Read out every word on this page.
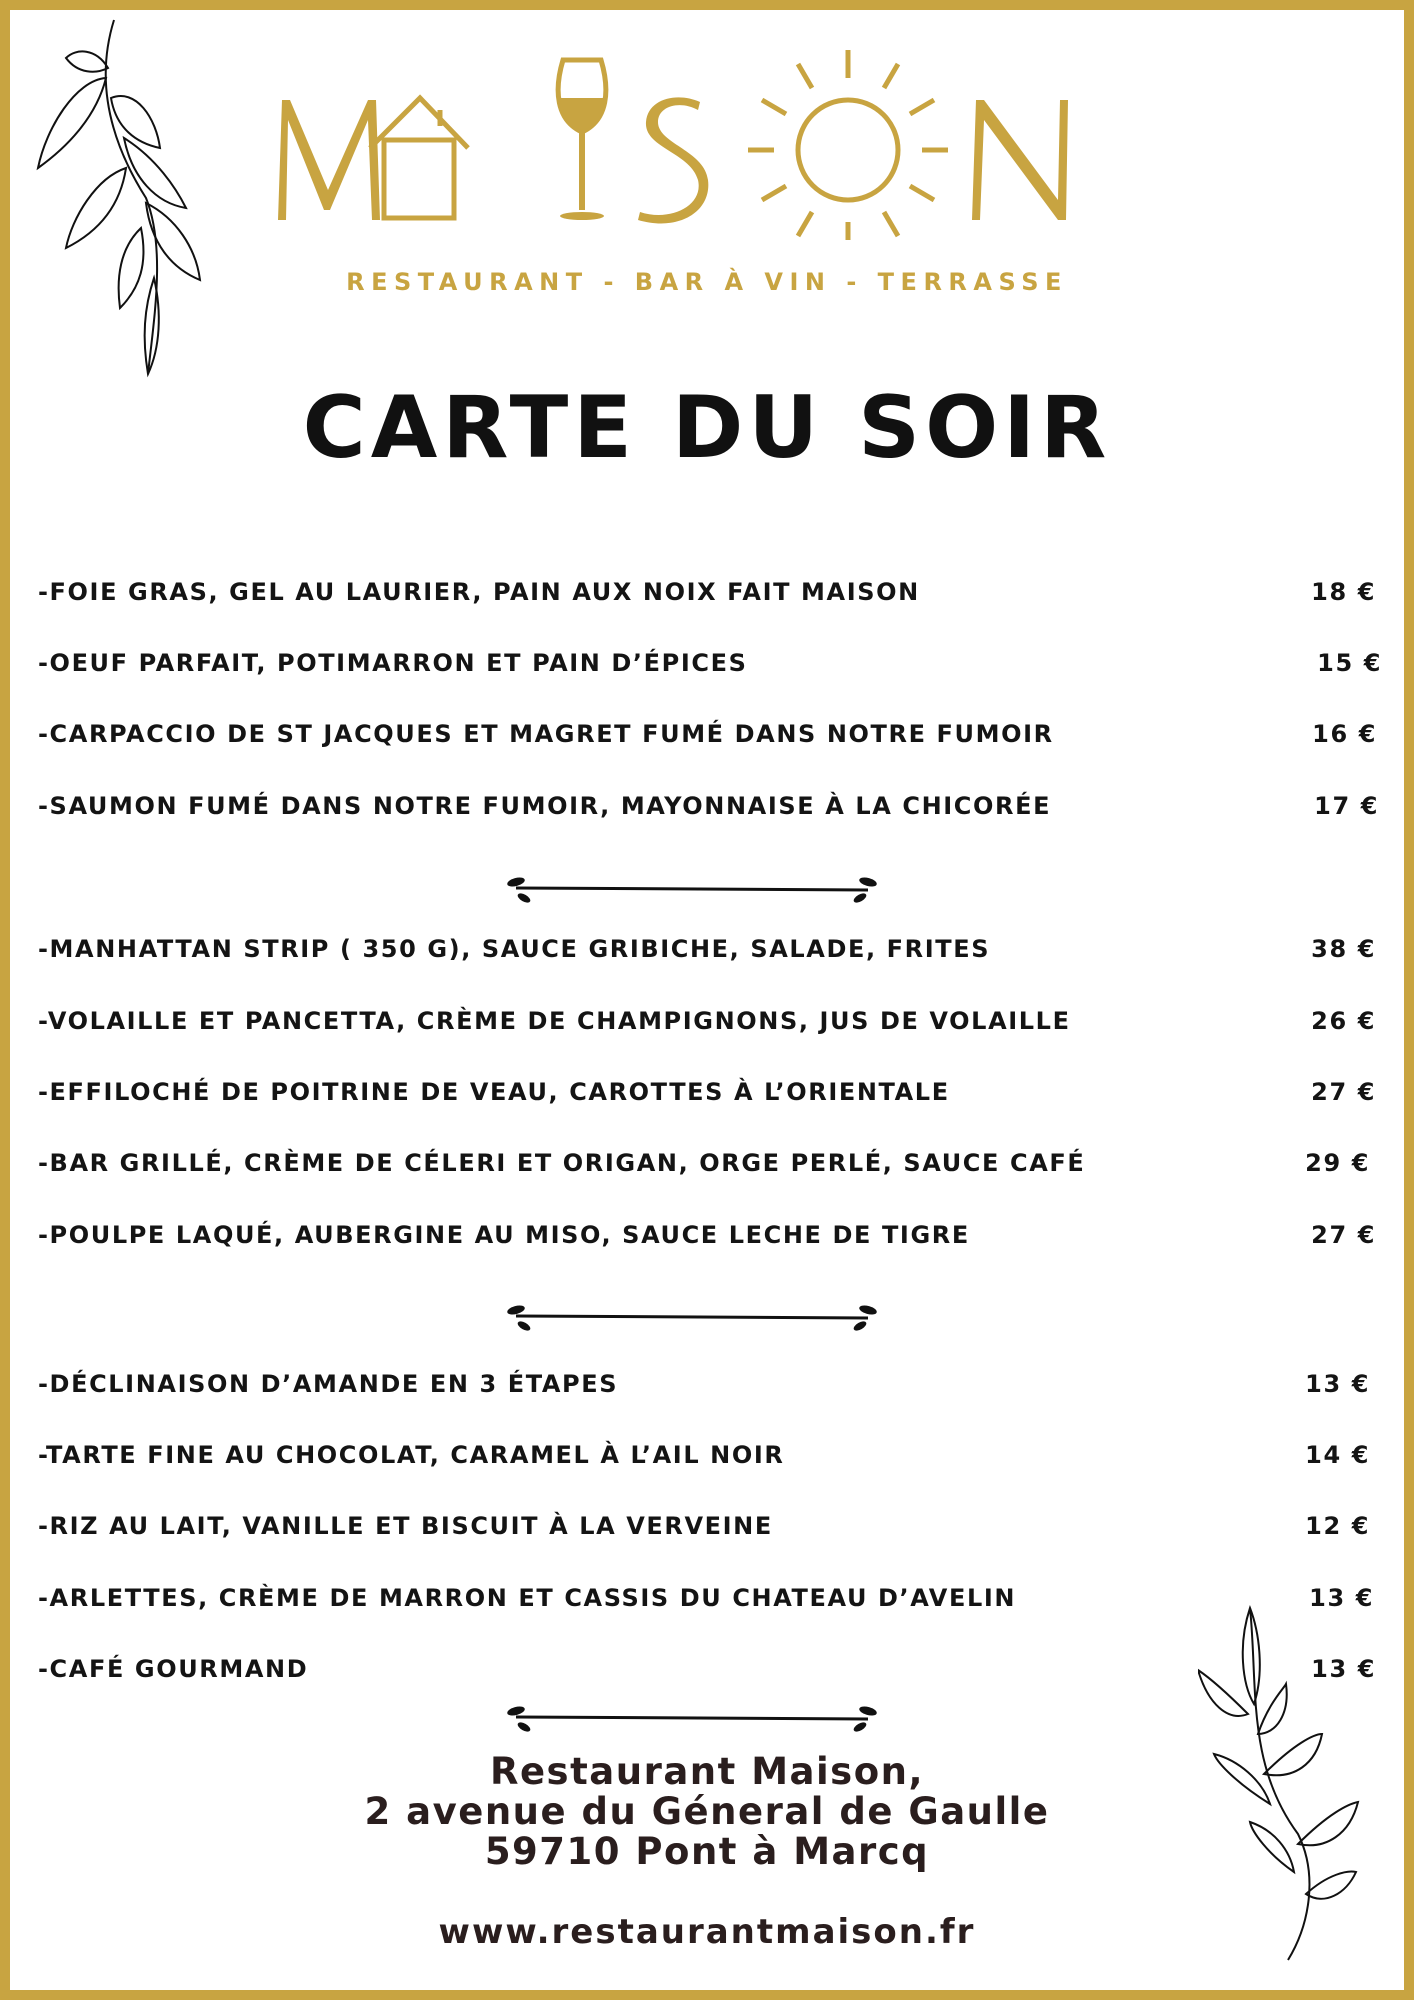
RESTAURANT - BAR À VIN - TERRASSE
CARTE DU SOIR
-FOIE GRAS, GEL AU LAURIER, PAIN AUX NOIX FAIT MAISON	18 €
-OEUF PARFAIT, POTIMARRON ET PAIN D’ÉPICES	15 €
-CARPACCIO DE ST JACQUES ET MAGRET FUMÉ DANS NOTRE FUMOIR	16 €
-SAUMON FUMÉ DANS NOTRE FUMOIR, MAYONNAISE À LA CHICORÉE	17 €
-MANHATTAN STRIP ( 350 G), SAUCE GRIBICHE, SALADE, FRITES	38 €
-VOLAILLE ET PANCETTA, CRÈME DE CHAMPIGNONS, JUS DE VOLAILLE	26 €
-EFFILOCHÉ DE POITRINE DE VEAU, CAROTTES À L’ORIENTALE	27 €
-BAR GRILLÉ, CRÈME DE CÉLERI ET ORIGAN, ORGE PERLÉ, SAUCE CAFÉ	29 €
-POULPE LAQUÉ, AUBERGINE AU MISO, SAUCE LECHE DE TIGRE	27 €
-DÉCLINAISON D’AMANDE EN 3 ÉTAPES	13 €
-TARTE FINE AU CHOCOLAT, CARAMEL À L’AIL NOIR	14 €
-RIZ AU LAIT, VANILLE ET BISCUIT À LA VERVEINE	12 €
-ARLETTES, CRÈME DE MARRON ET CASSIS DU CHATEAU D’AVELIN	13 €
-CAFÉ GOURMAND	13 €
Restaurant Maison,
2 avenue du Géneral de Gaulle
59710 Pont à Marcq
www.restaurantmaison.fr
